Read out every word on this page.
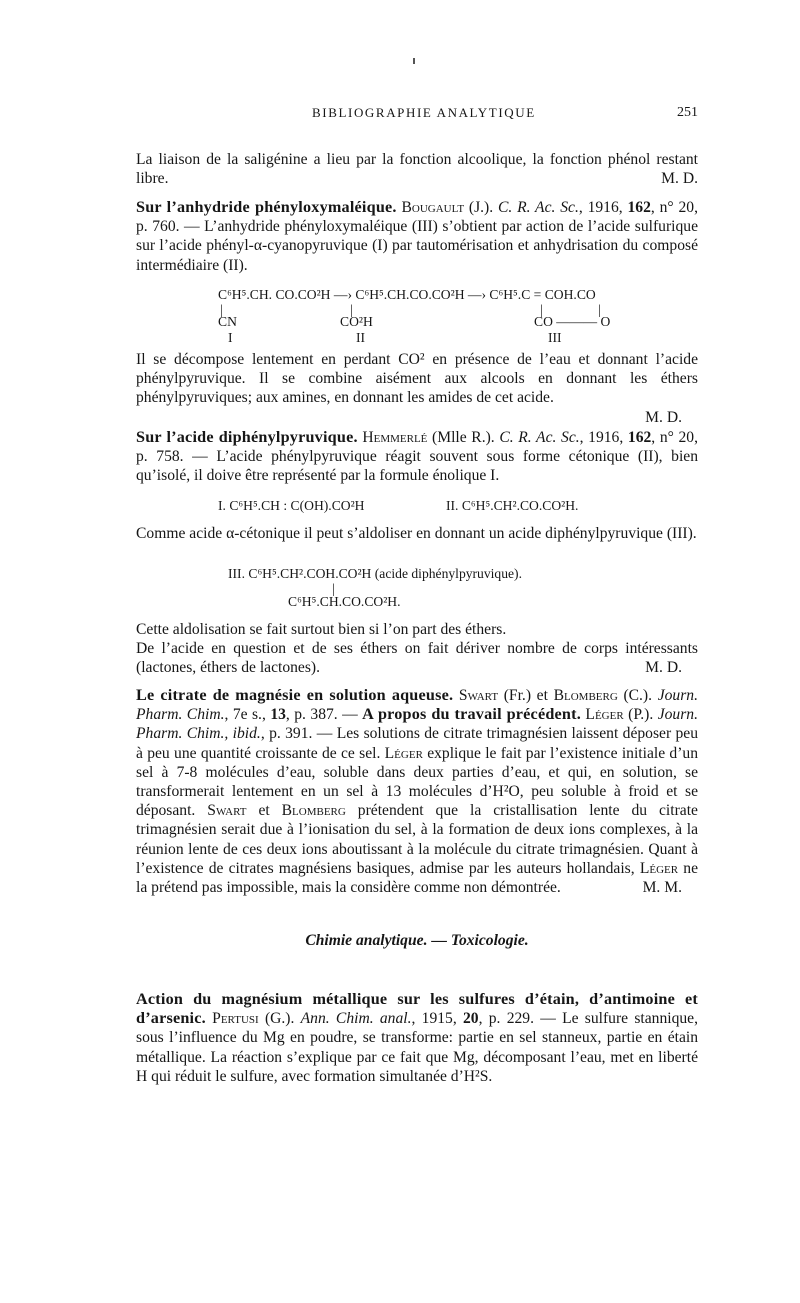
BIBLIOGRAPHIE ANALYTIQUE	251

La liaison de la saligénine a lieu par la fonction alcoolique, la fonction phénol restant libre.	M. D.

Sur l’anhydride phényloxymaléique. Bougault (J.). C. R. Ac. Sc., 1916, 162, n° 20, p. 760. — L’anhydride phényloxymaléique (III) s’obtient par action de l’acide sulfurique sur l’acide phényl-α-cyanopyruvique (I) par tautomérisation et anhydrisation du composé intermédiaire (II).

C⁶H⁵.CH. CO.CO²H —› C⁶H⁵.CH.CO.CO²H —› C⁶H⁵.C = COH.CO
|	|	|	|
CN	CO²H	CO ——— O
I	II	III

Il se décompose lentement en perdant CO² en présence de l’eau et donnant l’acide phénylpyruvique. Il se combine aisément aux alcools en donnant les éthers phénylpyruviques; aux amines, en donnant les amides de cet acide.

M. D.

Sur l’acide diphénylpyruvique. Hemmerlé (Mlle R.). C. R. Ac. Sc., 1916, 162, n° 20, p. 758. — L’acide phénylpyruvique réagit souvent sous forme cétonique (II), bien qu’isolé, il doive être représenté par la formule énolique I.

I. C⁶H⁵.CH : C(OH).CO²H	II. C⁶H⁵.CH².CO.CO²H.

Comme acide α-cétonique il peut s’aldoliser en donnant un acide diphénylpyruvique (III).

III. C⁶H⁵.CH².COH.CO²H (acide diphénylpyruvique).
|
C⁶H⁵.CH.CO.CO²H.

Cette aldolisation se fait surtout bien si l’on part des éthers.

De l’acide en question et de ses éthers on fait dériver nombre de corps intéressants (lactones, éthers de lactones).	M. D.

Le citrate de magnésie en solution aqueuse. Swart (Fr.) et Blomberg (C.). Journ. Pharm. Chim., 7e s., 13, p. 387. — A propos du travail précédent. Léger (P.). Journ. Pharm. Chim., ibid., p. 391. — Les solutions de citrate trimagnésien laissent déposer peu à peu une quantité croissante de ce sel. Léger explique le fait par l’existence initiale d’un sel à 7-8 molécules d’eau, soluble dans deux parties d’eau, et qui, en solution, se transformerait lentement en un sel à 13 molécules d’H²O, peu soluble à froid et se déposant. Swart et Blomberg prétendent que la cristallisation lente du citrate trimagnésien serait due à l’ionisation du sel, à la formation de deux ions complexes, à la réunion lente de ces deux ions aboutissant à la molécule du citrate trimagnésien. Quant à l’existence de citrates magnésiens basiques, admise par les auteurs hollandais, Léger ne la prétend pas impossible, mais la considère comme non démontrée.	M. M.

Chimie analytique. — Toxicologie.

Action du magnésium métallique sur les sulfures d’étain, d’antimoine et d’arsenic. Pertusi (G.). Ann. Chim. anal., 1915, 20, p. 229. — Le sulfure stannique, sous l’influence du Mg en poudre, se transforme: partie en sel stanneux, partie en étain métallique. La réaction s’explique par ce fait que Mg, décomposant l’eau, met en liberté H qui réduit le sulfure, avec formation simultanée d’H²S.
